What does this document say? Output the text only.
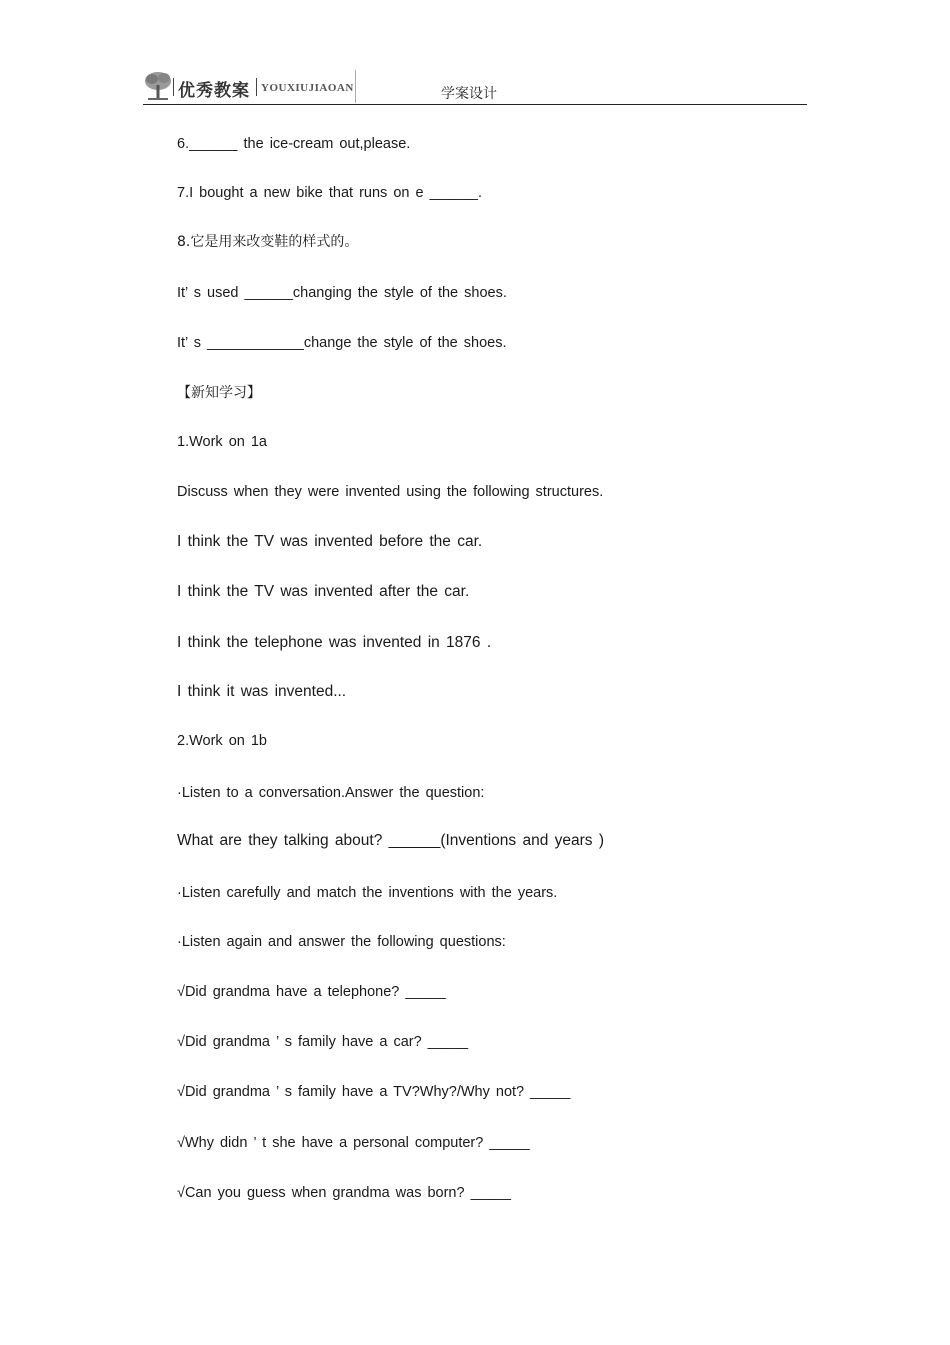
优秀教案 YOUXIUJIAOAN	学案设计
6.______ the ice-cream out,please.
7.I bought a new bike that runs on e ______.
8.它是用来改变鞋的样式的。
It’ s used ______changing the style of the shoes.
It’ s ____________change the style of the shoes.
【新知学习】
1.Work on 1a
Discuss when they were invented using the following structures.
I think the TV was invented before the car.
I think the TV was invented after the car.
I think the telephone was invented in 1876 .
I think it was invented...
2.Work on 1b
·Listen to a conversation.Answer the question:
What are they talking about? ______(Inventions and years )
·Listen carefully and match the inventions with the years.
·Listen again and answer the following questions:
√Did grandma have a telephone? _____
√Did grandma ’ s family have a car? _____
√Did grandma ’ s family have a TV?Why?/Why not? _____
√Why didn ’ t she have a personal computer? _____
√Can you guess when grandma was born? _____
